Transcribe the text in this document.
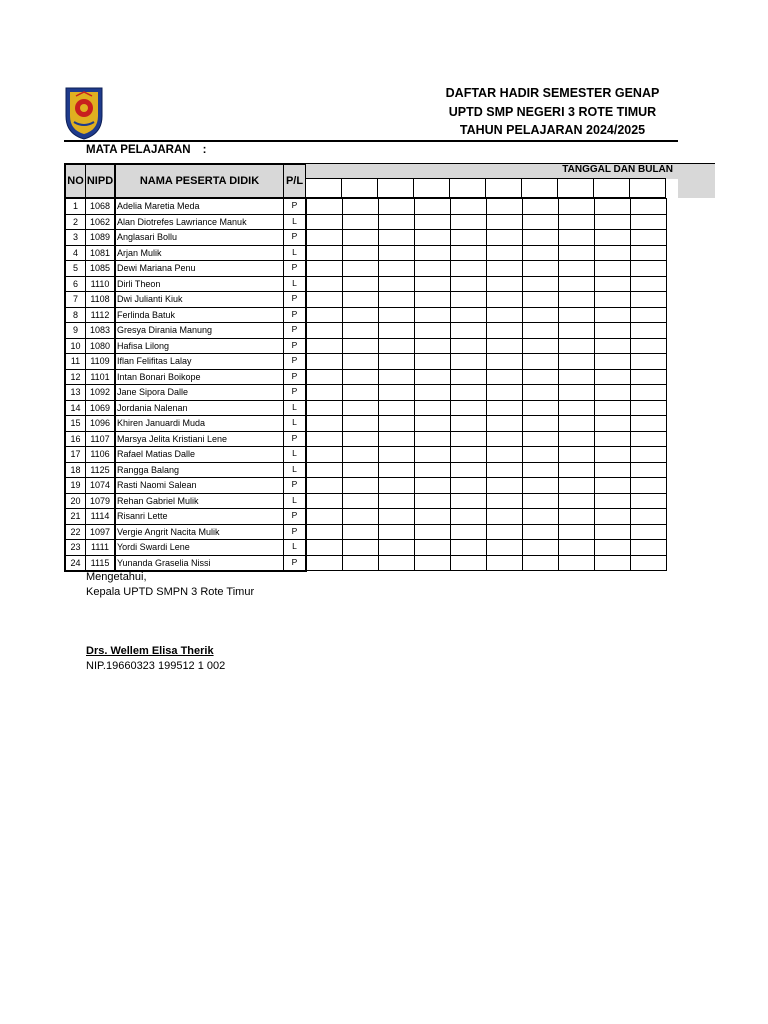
DAFTAR HADIR SEMESTER GENAP
UPTD SMP NEGERI 3 ROTE TIMUR
TAHUN PELAJARAN 2024/2025
MATA PELAJARAN :
NO NIPD	NAMA PESERTA DIDIK	P/L
TANGGAL DAN BULAN
1	1068 Adelia Maretia Meda	P
2	1062 Alan Diotrefes Lawriance Manuk	L
3	1089 Anglasari Bollu	P
4	1081 Arjan Mulik	L
5	1085 Dewi Mariana Penu	P
6	1110 Dirli Theon	L
7	1108 Dwi Julianti Kiuk	P
8	1112 Ferlinda Batuk	P
9	1083 Gresya Dirania Manung	P
10	1080 Hafisa Lilong	P
11	1109 Iflan Felifitas Lalay	P
12	1101 Intan Bonari Boikope	P
13	1092 Jane Sipora Dalle	P
14	1069 Jordania Nalenan	L
15	1096 Khiren Januardi Muda	L
16	1107 Marsya Jelita Kristiani Lene	P
17	1106 Rafael Matias Dalle	L
18	1125 Rangga Balang	L
19	1074 Rasti Naomi Salean	P
20	1079 Rehan Gabriel Mulik	L
21	1114 Risanri Lette	P
22	1097 Vergie Angrit Nacita Mulik	P
23	1111 Yordi Swardi Lene	L
24	1115 Yunanda Graselia Nissi	P
Mengetahui,
Kepala UPTD SMPN 3 Rote Timur
Drs. Wellem Elisa Therik
NIP.19660323 199512 1 002
